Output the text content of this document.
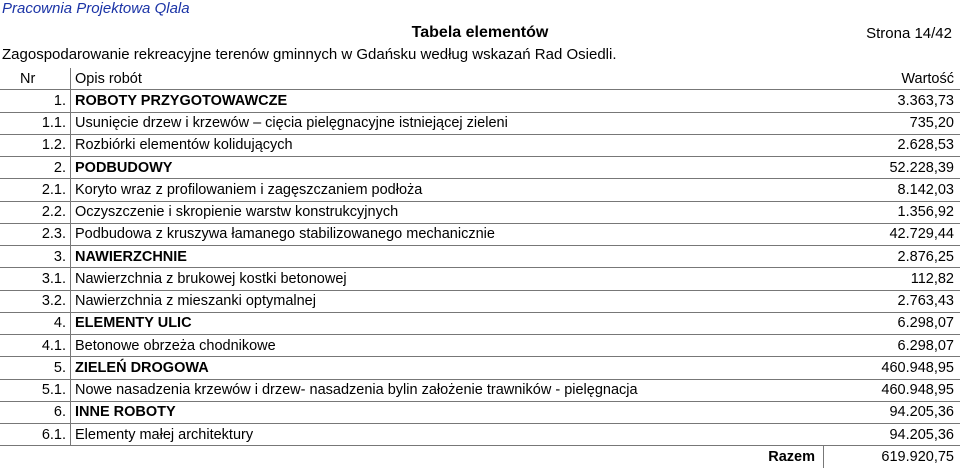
Pracownia Projektowa Qlala
Tabela elementów	Strona 14/42
Zagospodarowanie rekreacyjne terenów gminnych w Gdańsku według wskazań Rad Osiedli.
Nr	Opis robót	Wartość
1.	ROBOTY PRZYGOTOWAWCZE	3.363,73
1.1.	Usunięcie drzew i krzewów – cięcia pielęgnacyjne istniejącej zieleni	735,20
1.2.	Rozbiórki elementów kolidujących	2.628,53
2.	PODBUDOWY	52.228,39
2.1.	Koryto wraz z profilowaniem i zagęszczaniem podłoża	8.142,03
2.2.	Oczyszczenie i skropienie warstw konstrukcyjnych	1.356,92
2.3.	Podbudowa z kruszywa łamanego stabilizowanego mechanicznie	42.729,44
3.	NAWIERZCHNIE	2.876,25
3.1.	Nawierzchnia z brukowej kostki betonowej	112,82
3.2.	Nawierzchnia z mieszanki optymalnej	2.763,43
4.	ELEMENTY ULIC	6.298,07
4.1.	Betonowe obrzeża chodnikowe	6.298,07
5.	ZIELEŃ DROGOWA	460.948,95
5.1.	Nowe nasadzenia krzewów i drzew- nasadzenia bylin założenie trawników - pielęgnacja	460.948,95
6.	INNE ROBOTY	94.205,36
6.1.	Elementy małej architektury	94.205,36
Razem		619.920,75
